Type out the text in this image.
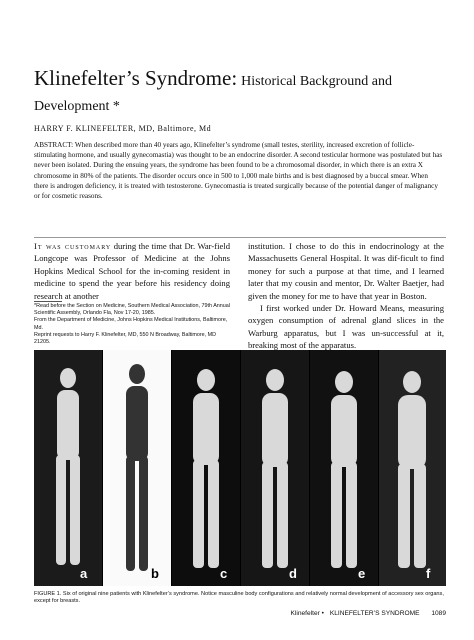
Klinefelter’s Syndrome: Historical Background and
Development *
HARRY F. KLINEFELTER, MD, Baltimore, Md
ABSTRACT: When described more than 40 years ago, Klinefelter’s syndrome (small testes, sterility, increased excretion of follicle-stimulating hormone, and usually gynecomastia) was thought to be an endocrine disorder. A second testicular hormone was postulated but has never been isolated. During the ensuing years, the syndrome has been found to be a chromosomal disorder, in which there is an extra X chromosome in 80% of the patients. The disorder occurs once in 500 to 1,000 male births and is best diagnosed by a buccal smear. When there is androgen deficiency, it is treated with testosterone. Gynecomastia is treated surgically because of the potential danger of malignancy or for cosmetic reasons.
It was customary during the time that Dr. War-field Longcope was Professor of Medicine at the Johns Hopkins Medical School for the in-coming resident in medicine to spend the year before his residency doing research at another
institution. I chose to do this in endocrinology at the Massachusetts General Hospital. It was dif-ficult to find money for such a purpose at that time, and I learned later that my cousin and mentor, Dr. Walter Baetjer, had given the money for me to have that year in Boston.
I first worked under Dr. Howard Means, measuring oxygen consumption of adrenal gland slices in the Warburg apparatus, but I was un-successful at it, breaking most of the apparatus.
*Read before the Section on Medicine, Southern Medical Association, 79th Annual Scientific Assembly, Orlando Fla, Nov 17-20, 1985.
From the Department of Medicine, Johns Hopkins Medical Institutions, Baltimore, Md.
Reprint requests to Harry F. Klinefelter, MD, 550 N Broadway, Baltimore, MD 21205.
a	b	c	d	e	f
FIGURE 1. Six of original nine patients with Klinefelter’s syndrome. Notice masculine body configurations and relatively normal development of accessory sex organs, except for breasts.
Klinefelter • KLINEFELTER’S SYNDROME 1089
